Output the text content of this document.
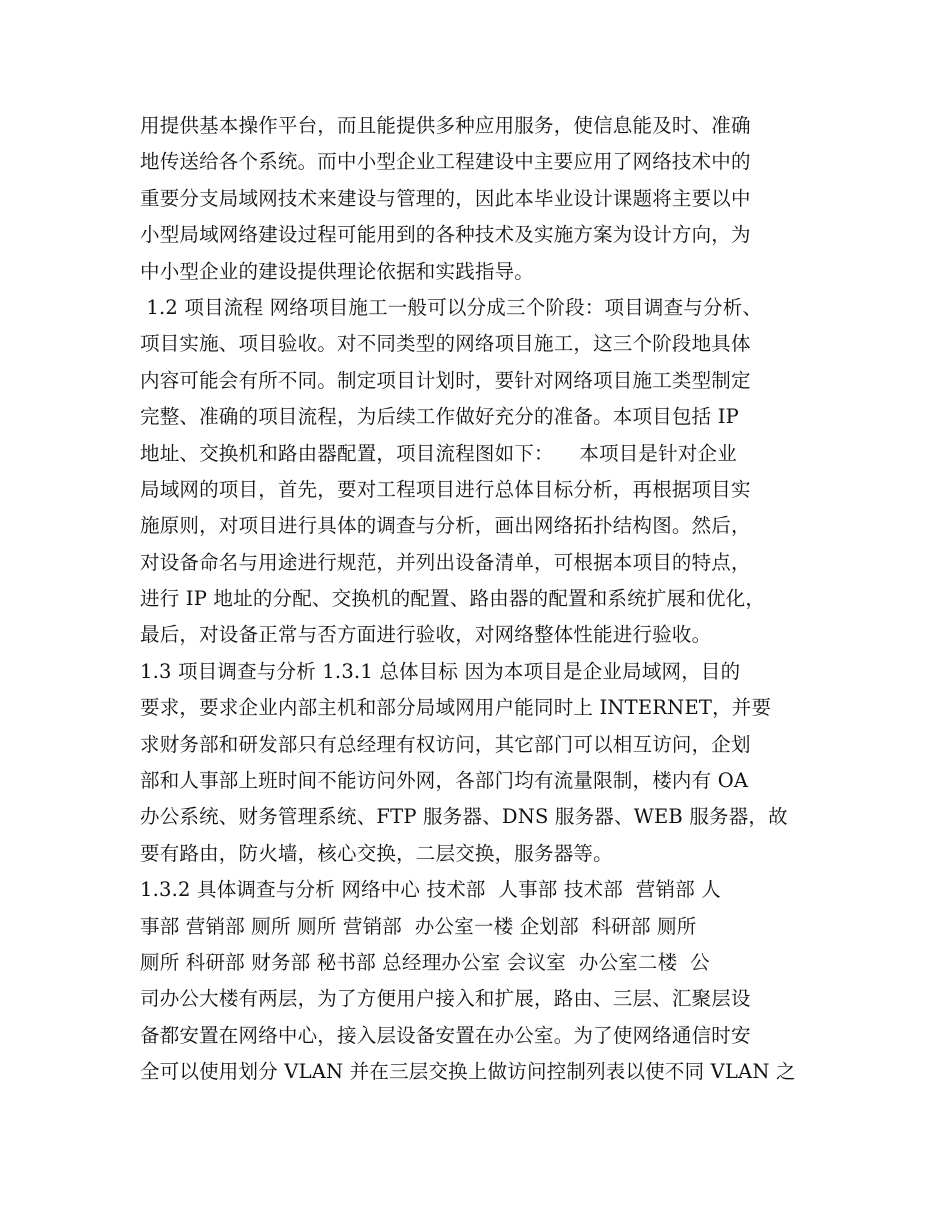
用提供基本操作平台，而且能提供多种应用服务，使信息能及时、准确
地传送给各个系统。而中小型企业工程建设中主要应用了网络技术中的
重要分支局域网技术来建设与管理的，因此本毕业设计课题将主要以中
小型局域网络建设过程可能用到的各种技术及实施方案为设计方向，为
中小型企业的建设提供理论依据和实践指导。
1.2 项目流程 网络项目施工一般可以分成三个阶段：项目调查与分析、
项目实施、项目验收。对不同类型的网络项目施工，这三个阶段地具体
内容可能会有所不同。制定项目计划时，要针对网络项目施工类型制定
完整、准确的项目流程，为后续工作做好充分的准备。本项目包括 IP
地址、交换机和路由器配置，项目流程图如下：    本项目是针对企业
局域网的项目，首先，要对工程项目进行总体目标分析，再根据项目实
施原则，对项目进行具体的调查与分析，画出网络拓扑结构图。然后，
对设备命名与用途进行规范，并列出设备清单，可根据本项目的特点，
进行 IP 地址的分配、交换机的配置、路由器的配置和系统扩展和优化，
最后，对设备正常与否方面进行验收，对网络整体性能进行验收。
1.3 项目调查与分析 1.3.1 总体目标 因为本项目是企业局域网，目的
要求，要求企业内部主机和部分局域网用户能同时上 INTERNET，并要
求财务部和研发部只有总经理有权访问，其它部门可以相互访问，企划
部和人事部上班时间不能访问外网，各部门均有流量限制，楼内有 OA
办公系统、财务管理系统、FTP 服务器、DNS 服务器、WEB 服务器，故
要有路由，防火墙，核心交换，二层交换，服务器等。
1.3.2 具体调查与分析 网络中心 技术部  人事部 技术部  营销部 人
事部 营销部 厕所 厕所 营销部  办公室一楼 企划部  科研部 厕所
厕所 科研部 财务部 秘书部 总经理办公室 会议室  办公室二楼  公
司办公大楼有两层，为了方便用户接入和扩展，路由、三层、汇聚层设
备都安置在网络中心，接入层设备安置在办公室。为了使网络通信时安
全可以使用划分 VLAN 并在三层交换上做访问控制列表以使不同 VLAN 之
